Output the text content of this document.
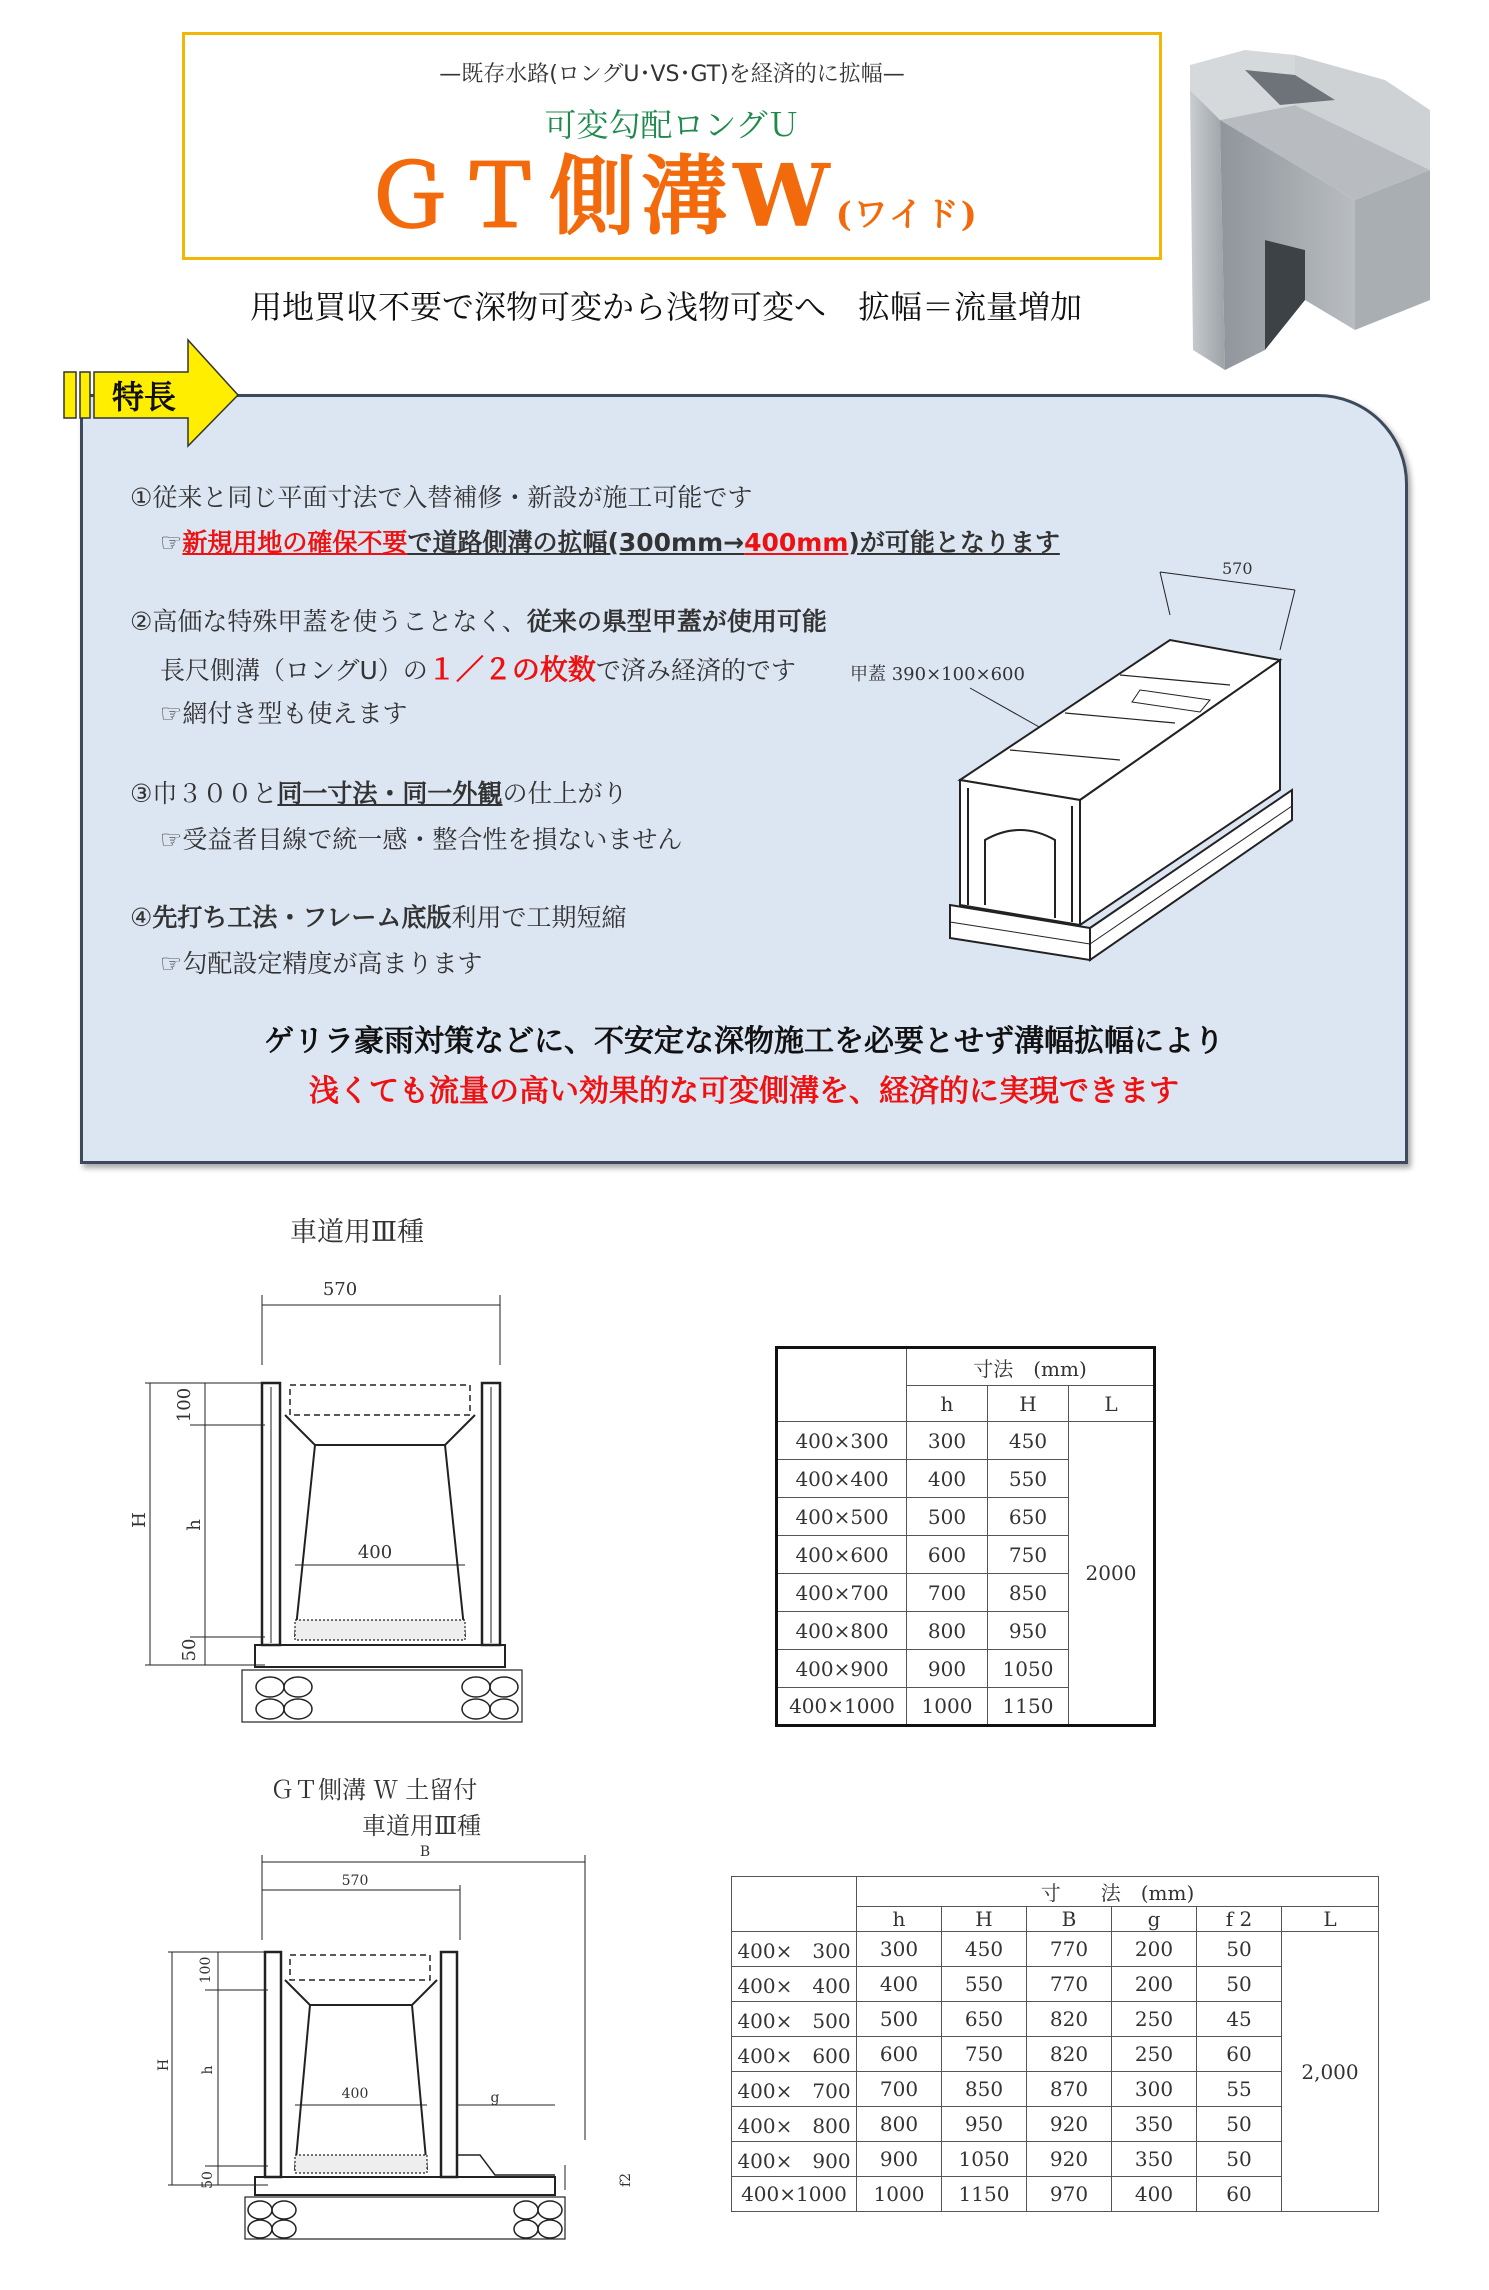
—既存水路(ロングU･VS･GT)を経済的に拡幅—
可変勾配ロングＵ
ＧＴ側溝W(ワイド)
用地買収不要で深物可変から浅物可変へ　拡幅＝流量増加
特長
①従来と同じ平面寸法で入替補修・新設が施工可能です
☞新規用地の確保不要で道路側溝の拡幅(300mm→400mm)が可能となります
②高価な特殊甲蓋を使うことなく、従来の県型甲蓋が使用可能
長尺側溝（ロングU）の１／２の枚数で済み経済的です
☞網付き型も使えます
③巾３００と同一寸法・同一外観の仕上がり
☞受益者目線で統一感・整合性を損ないません
④先打ち工法・フレーム底版利用で工期短縮
☞勾配設定精度が高まります
ゲリラ豪雨対策などに、不安定な深物施工を必要とせず溝幅拡幅により
浅くても流量の高い効果的な可変側溝を、経済的に実現できます
570
甲蓋 390×100×600
車道用Ⅲ種
570
400
100
h
H
50
	寸法　(mm)		
	h	H	L
400×300	300	450	2000
400×400	400	550	
400×500	500	650	
400×600	600	750	
400×700	700	850	
400×800	800	950	
400×900	900	1050	
400×1000	1000	1150	
ＧＴ側溝 Ｗ 土留付
車道用Ⅲ種
B
570
400
100
h
H
50
g
f2
	寸　　法　(mm)					
	h	H	B	g	f 2	L
400×　300	300	450	770	200	50	2,000
400×　400	400	550	770	200	50	
400×　500	500	650	820	250	45	
400×　600	600	750	820	250	60	
400×　700	700	850	870	300	55	
400×　800	800	950	920	350	50	
400×　900	900	1050	920	350	50	
400×1000	1000	1150	970	400	60	
